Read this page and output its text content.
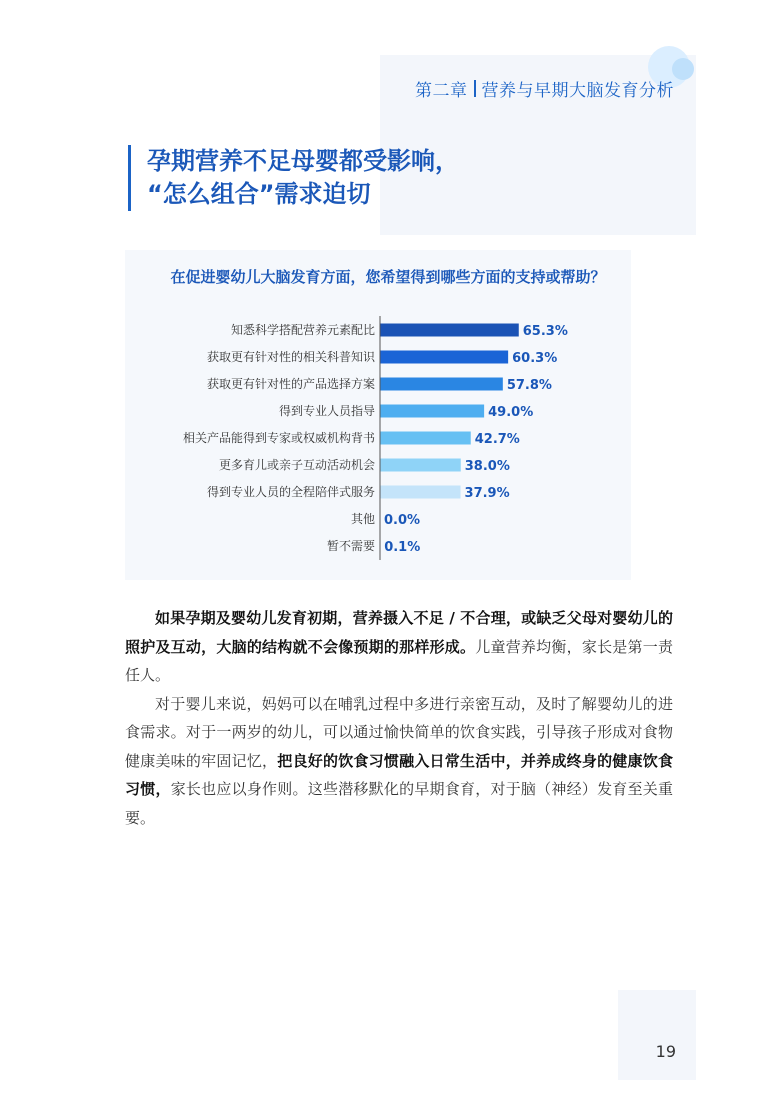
第二章 营养与早期大脑发育分析
孕期营养不足母婴都受影响，
“怎么组合”需求迫切
在促进婴幼儿大脑发育方面，您希望得到哪些方面的支持或帮助？
知悉科学搭配营养元素配比	65.3%
获取更有针对性的相关科普知识	60.3%
获取更有针对性的产品选择方案	57.8%
得到专业人员指导	49.0%
相关产品能得到专家或权威机构背书	42.7%
更多育儿或亲子互动活动机会	38.0%
得到专业人员的全程陪伴式服务	37.9%
其他 0.0%
暂不需要 0.1%

如果孕期及婴幼儿发育初期，营养摄入不足 / 不合理，或缺乏父母对婴幼儿的照护及互动，大脑的结构就不会像预期的那样形成。儿童营养均衡，家长是第一责任人。

对于婴儿来说，妈妈可以在哺乳过程中多进行亲密互动，及时了解婴幼儿的进食需求。对于一两岁的幼儿，可以通过愉快简单的饮食实践，引导孩子形成对食物健康美味的牢固记忆，把良好的饮食习惯融入日常生活中，并养成终身的健康饮食习惯，家长也应以身作则。这些潜移默化的早期食育，对于脑（神经）发育至关重要。

19
